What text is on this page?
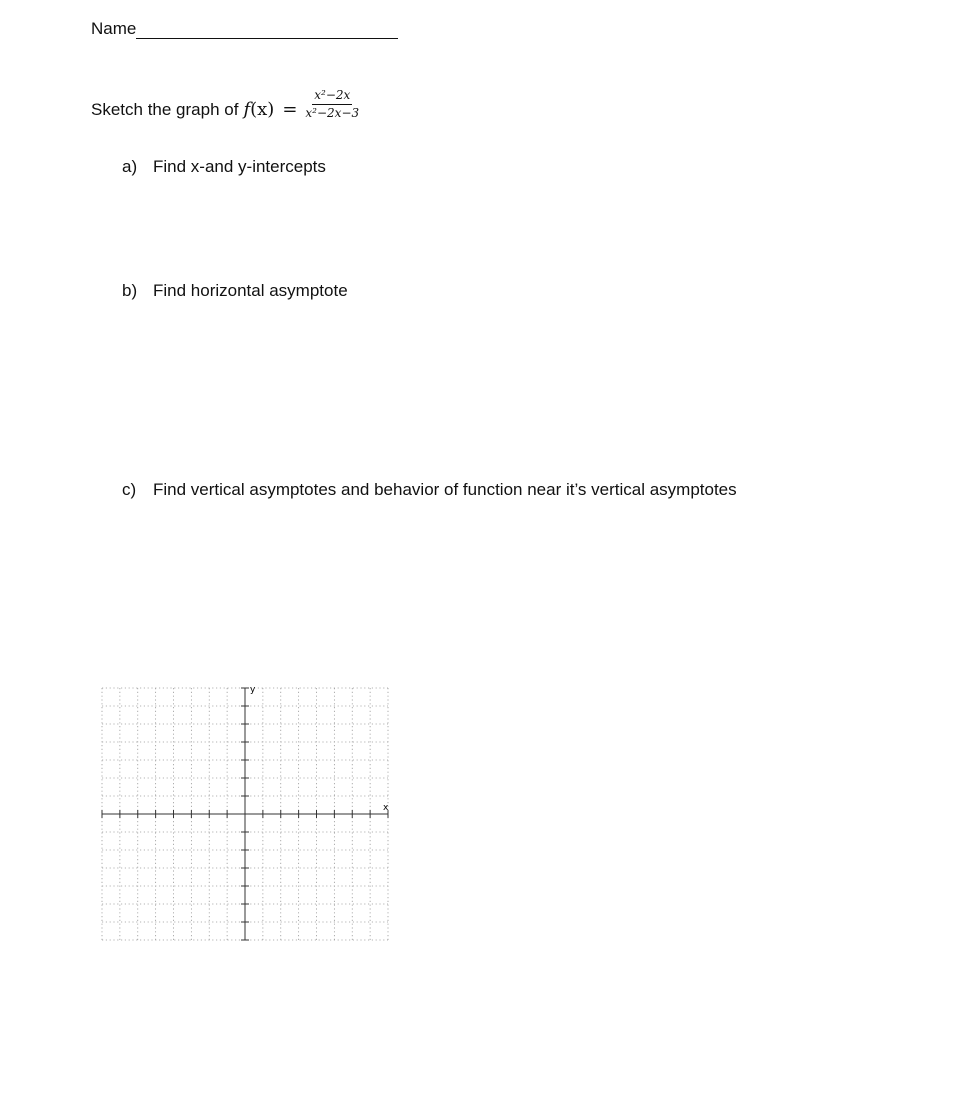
Name
Sketch the graph of $f(x) = \frac{\text{x²−2x}}{\text{x²−2x−3}}$
a) Find x-and y-intercepts
b) Find horizontal asymptote
c) Find vertical asymptotes and behavior of function near it’s vertical asymptotes
x
y
